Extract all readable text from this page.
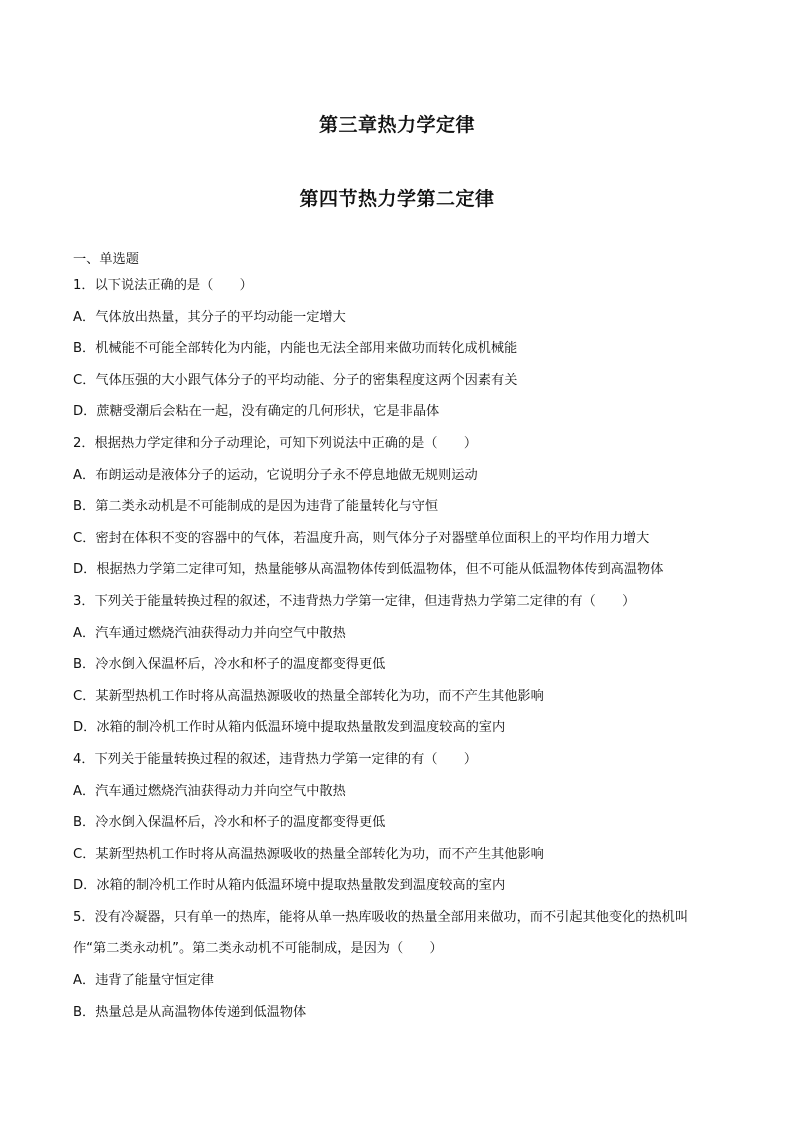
第三章热力学定律
第四节热力学第二定律
一、单选题
1．以下说法正确的是（　　）
A．气体放出热量，其分子的平均动能一定增大
B．机械能不可能全部转化为内能，内能也无法全部用来做功而转化成机械能
C．气体压强的大小跟气体分子的平均动能、分子的密集程度这两个因素有关
D．蔗糖受潮后会粘在一起，没有确定的几何形状，它是非晶体
2．根据热力学定律和分子动理论，可知下列说法中正确的是（　　）
A．布朗运动是液体分子的运动，它说明分子永不停息地做无规则运动
B．第二类永动机是不可能制成的是因为违背了能量转化与守恒
C．密封在体积不变的容器中的气体，若温度升高，则气体分子对器壁单位面积上的平均作用力增大
D．根据热力学第二定律可知，热量能够从高温物体传到低温物体，但不可能从低温物体传到高温物体
3．下列关于能量转换过程的叙述，不违背热力学第一定律，但违背热力学第二定律的有（　　）
A．汽车通过燃烧汽油获得动力并向空气中散热
B．冷水倒入保温杯后，冷水和杯子的温度都变得更低
C．某新型热机工作时将从高温热源吸收的热量全部转化为功，而不产生其他影响
D．冰箱的制冷机工作时从箱内低温环境中提取热量散发到温度较高的室内
4．下列关于能量转换过程的叙述，违背热力学第一定律的有（　　）
A．汽车通过燃烧汽油获得动力并向空气中散热
B．冷水倒入保温杯后，冷水和杯子的温度都变得更低
C．某新型热机工作时将从高温热源吸收的热量全部转化为功，而不产生其他影响
D．冰箱的制冷机工作时从箱内低温环境中提取热量散发到温度较高的室内
5．没有冷凝器，只有单一的热库，能将从单一热库吸收的热量全部用来做功，而不引起其他变化的热机叫
作“第二类永动机”。第二类永动机不可能制成，是因为（　　）
A．违背了能量守恒定律
B．热量总是从高温物体传递到低温物体
